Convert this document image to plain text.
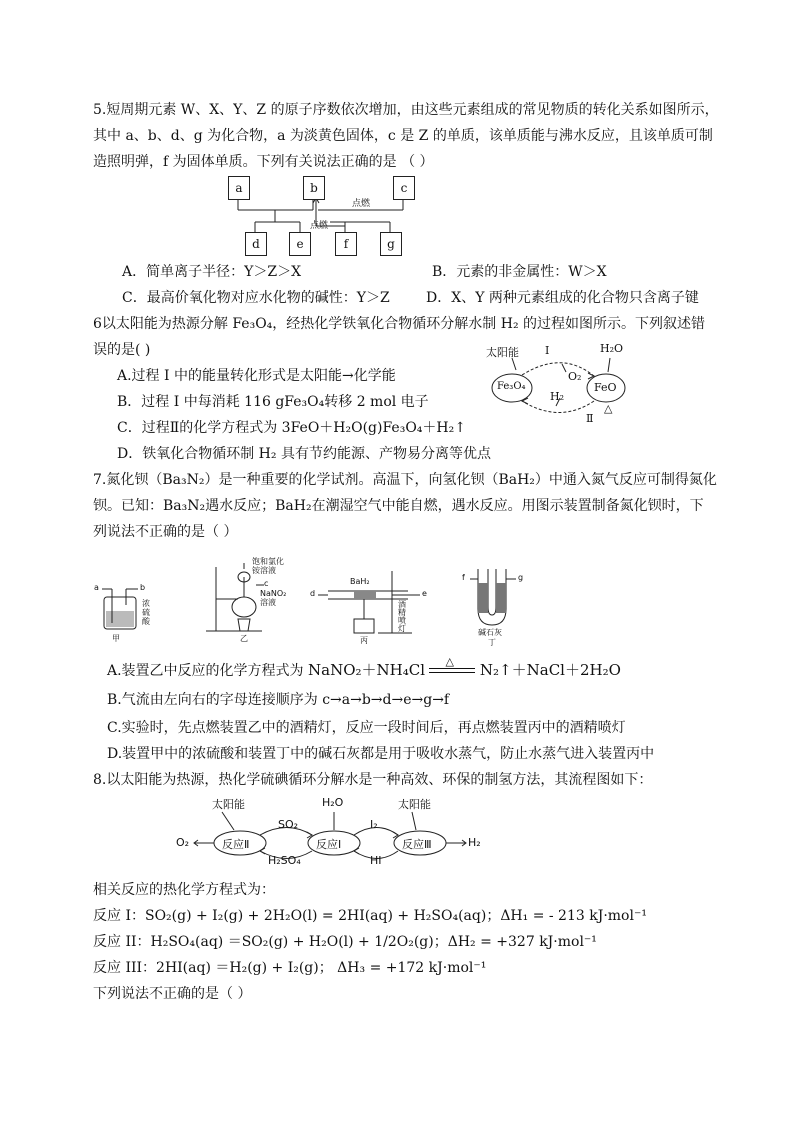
5.短周期元素 W、X、Y、Z 的原子序数依次增加，由这些元素组成的常见物质的转化关系如图所示，
其中 a、b、d、g 为化合物，a 为淡黄色固体，c 是 Z 的单质，该单质能与沸水反应，且该单质可制
造照明弹，f 为固体单质。下列有关说法正确的是 （ ）
a	b	c
d	e	f	g
点燃
点燃
A．简单离子半径：Y＞Z＞X	B．元素的非金属性：W＞X
C．最高价氧化物对应水化物的碱性：Y＞Z	D．X、Y 两种元素组成的化合物只含离子键
6以太阳能为热源分解 Fe₃O₄，经热化学铁氧化合物循环分解水制 H₂ 的过程如图所示。下列叙述错
误的是( )
A.过程 I 中的能量转化形式是太阳能→化学能
B．过程 I 中每消耗 116 gFe₃O₄转移 2 mol 电子
C．过程Ⅱ的化学方程式为 3FeO＋H₂O(g)Fe₃O₄＋H₂↑
D．铁氧化合物循环制 H₂ 具有节约能源、产物易分离等优点
太阳能 I	H₂O
O₂
Fe₃O₄	FeO
H₂
△
Ⅱ
7.氮化钡（Ba₃N₂）是一种重要的化学试剂。高温下，向氢化钡（BaH₂）中通入氮气反应可制得氮化
钡。已知：Ba₃N₂遇水反应；BaH₂在潮湿空气中能自燃，遇水反应。用图示装置制备氮化钡时，下
列说法不正确的是（ ）
a	b
浓
硫
酸
甲
饱和氯化
铵溶液
c
NaNO₂
溶液
乙
BaH₂
d	e
酒
精
喷
灯
丙
f	g
碱石灰
丁
A.装置乙中反应的化学方程式为 NaNO₂＋NH₄Cl △ N₂↑＋NaCl＋2H₂O
B.气流由左向右的字母连接顺序为 c→a→b→d→e→g→f
C.实验时，先点燃装置乙中的酒精灯，反应一段时间后，再点燃装置丙中的酒精喷灯
D.装置甲中的浓硫酸和装置丁中的碱石灰都是用于吸收水蒸气，防止水蒸气进入装置丙中
8.以太阳能为热源，热化学硫碘循环分解水是一种高效、环保的制氢方法，其流程图如下：
太阳能	H₂O	太阳能
O₂	反应Ⅱ	反应Ⅰ	反应Ⅲ	H₂
SO₂	I₂
H₂SO₄	HI
相关反应的热化学方程式为：
反应 I：SO₂(g) + I₂(g) + 2H₂O(l) = 2HI(aq) + H₂SO₄(aq)；ΔH₁ = - 213 kJ·mol⁻¹
反应 II：H₂SO₄(aq) ＝SO₂(g) + H₂O(l) + 1/2O₂(g)；ΔH₂ = +327 kJ·mol⁻¹
反应 III：2HI(aq) ＝H₂(g) + I₂(g)； ΔH₃ = +172 kJ·mol⁻¹
下列说法不正确的是（ ）
